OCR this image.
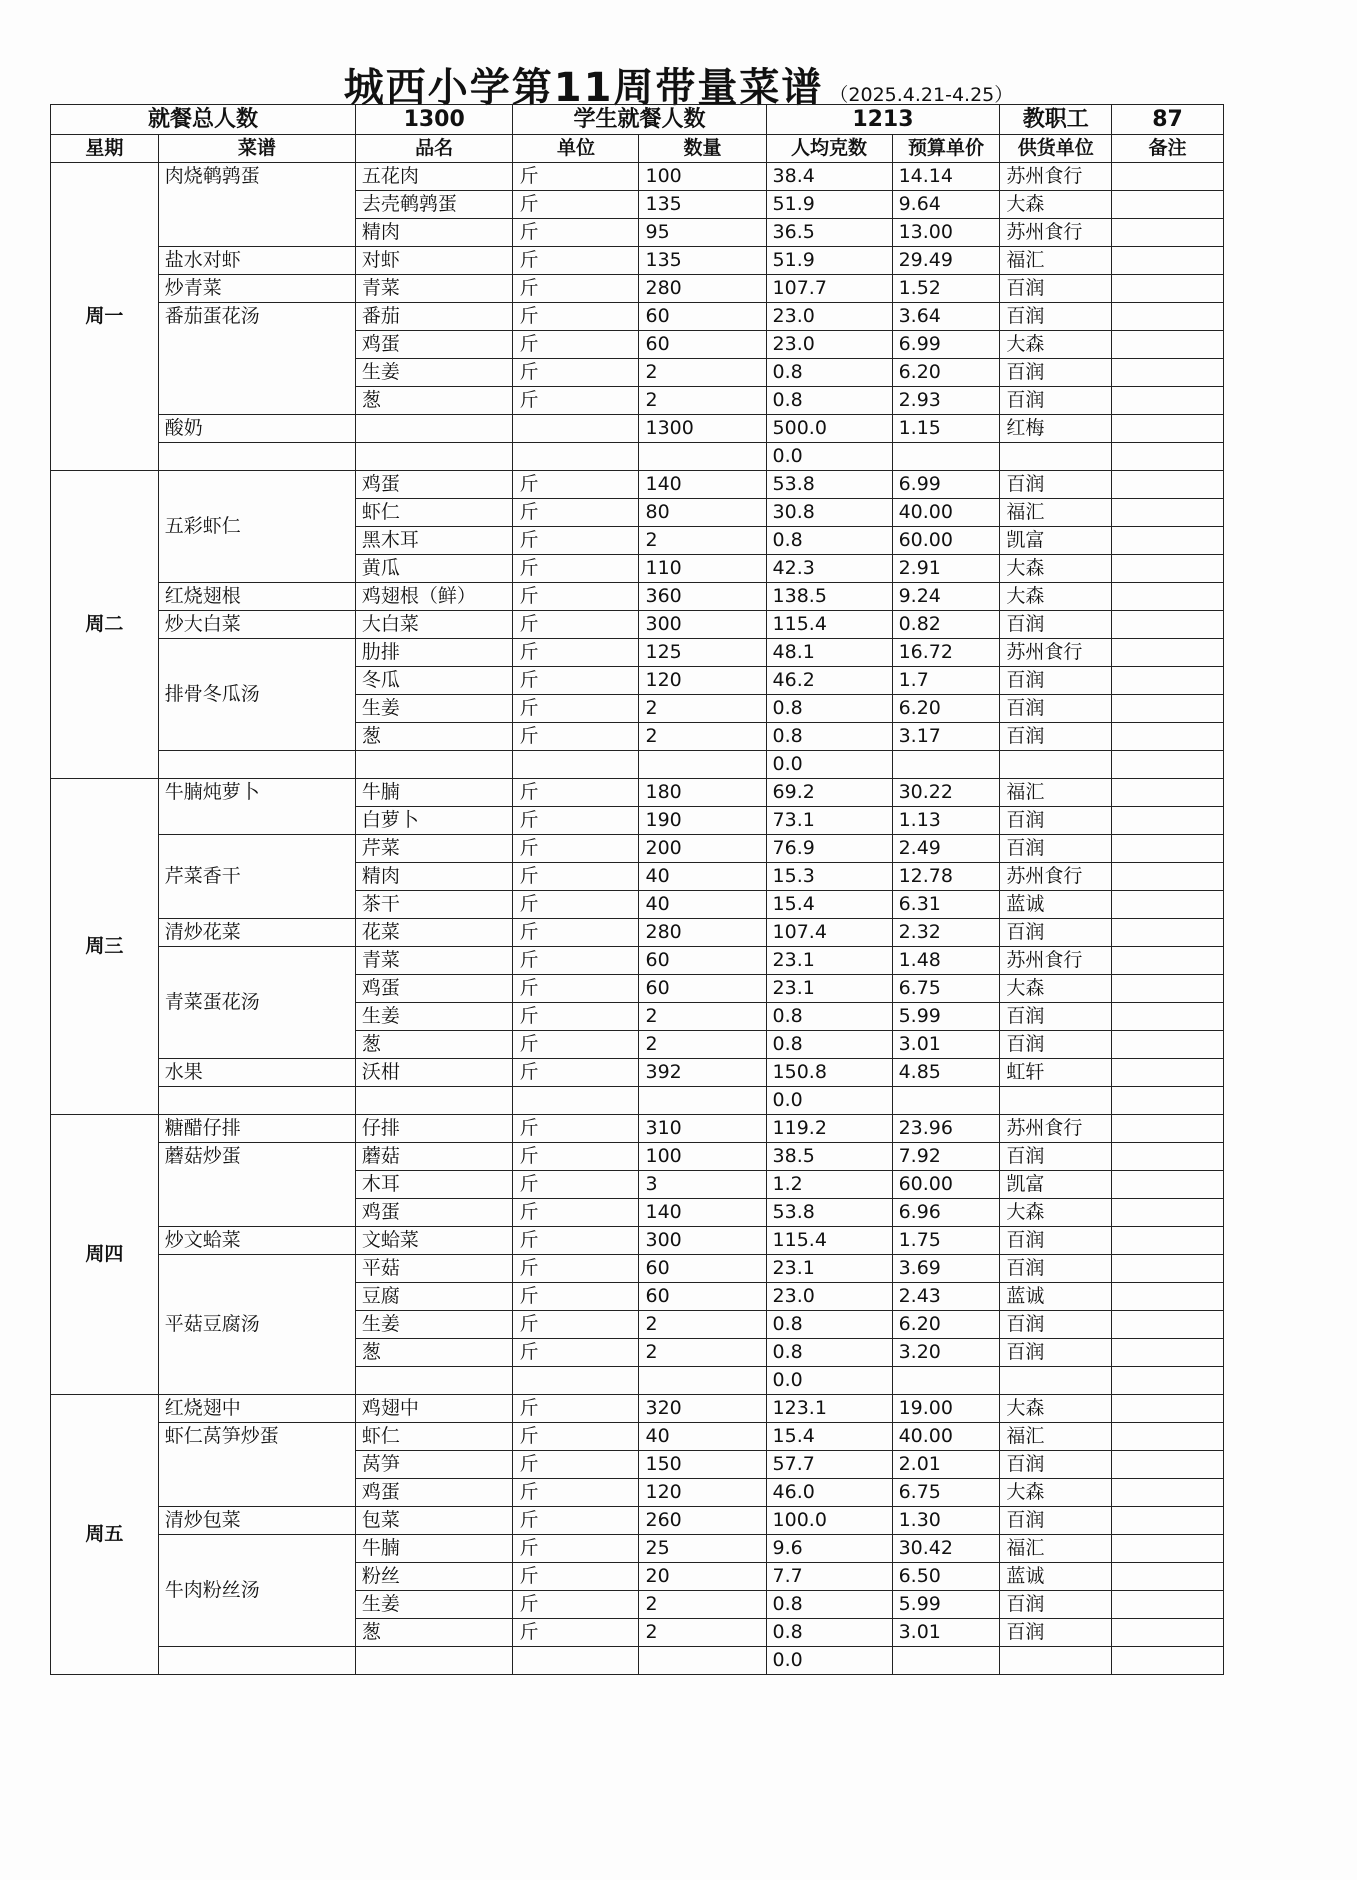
城西小学第11周带量菜谱 （2025.4.21-4.25）
就餐总人数		1300	学生就餐人数		1213		教职工	87
星期	菜谱	品名	单位	数量	人均克数	预算单价	供货单位	备注
周一	肉烧鹌鹑蛋	五花肉	斤	100	38.4	14.14	苏州食行	
		去壳鹌鹑蛋	斤	135	51.9	9.64	大森	
		精肉	斤	95	36.5	13.00	苏州食行	
	盐水对虾	对虾	斤	135	51.9	29.49	福汇	
	炒青菜	青菜	斤	280	107.7	1.52	百润	
	番茄蛋花汤	番茄	斤	60	23.0	3.64	百润	
		鸡蛋	斤	60	23.0	6.99	大森	
		生姜	斤	2	0.8	6.20	百润	
		葱	斤	2	0.8	2.93	百润	
	酸奶			1300	500.0	1.15	红梅	
					0.0			
周二	五彩虾仁	鸡蛋	斤	140	53.8	6.99	百润	
		虾仁	斤	80	30.8	40.00	福汇	
		黑木耳	斤	2	0.8	60.00	凯富	
		黄瓜	斤	110	42.3	2.91	大森	
	红烧翅根	鸡翅根（鲜）	斤	360	138.5	9.24	大森	
	炒大白菜	大白菜	斤	300	115.4	0.82	百润	
	排骨冬瓜汤	肋排	斤	125	48.1	16.72	苏州食行	
		冬瓜	斤	120	46.2	1.7	百润	
		生姜	斤	2	0.8	6.20	百润	
		葱	斤	2	0.8	3.17	百润	
					0.0			
周三	牛腩炖萝卜	牛腩	斤	180	69.2	30.22	福汇	
		白萝卜	斤	190	73.1	1.13	百润	
	芹菜香干	芹菜	斤	200	76.9	2.49	百润	
		精肉	斤	40	15.3	12.78	苏州食行	
		茶干	斤	40	15.4	6.31	蓝诚	
	清炒花菜	花菜	斤	280	107.4	2.32	百润	
	青菜蛋花汤	青菜	斤	60	23.1	1.48	苏州食行	
		鸡蛋	斤	60	23.1	6.75	大森	
		生姜	斤	2	0.8	5.99	百润	
		葱	斤	2	0.8	3.01	百润	
	水果	沃柑	斤	392	150.8	4.85	虹轩	
					0.0			
周四	糖醋仔排	仔排	斤	310	119.2	23.96	苏州食行	
	蘑菇炒蛋	蘑菇	斤	100	38.5	7.92	百润	
		木耳	斤	3	1.2	60.00	凯富	
		鸡蛋	斤	140	53.8	6.96	大森	
	炒文蛤菜	文蛤菜	斤	300	115.4	1.75	百润	
	平菇豆腐汤	平菇	斤	60	23.1	3.69	百润	
		豆腐	斤	60	23.0	2.43	蓝诚	
		生姜	斤	2	0.8	6.20	百润	
		葱	斤	2	0.8	3.20	百润	
					0.0			
周五	红烧翅中	鸡翅中	斤	320	123.1	19.00	大森	
	虾仁莴笋炒蛋	虾仁	斤	40	15.4	40.00	福汇	
		莴笋	斤	150	57.7	2.01	百润	
		鸡蛋	斤	120	46.0	6.75	大森	
	清炒包菜	包菜	斤	260	100.0	1.30	百润	
	牛肉粉丝汤	牛腩	斤	25	9.6	30.42	福汇	
		粉丝	斤	20	7.7	6.50	蓝诚	
		生姜	斤	2	0.8	5.99	百润	
		葱	斤	2	0.8	3.01	百润	
					0.0			
